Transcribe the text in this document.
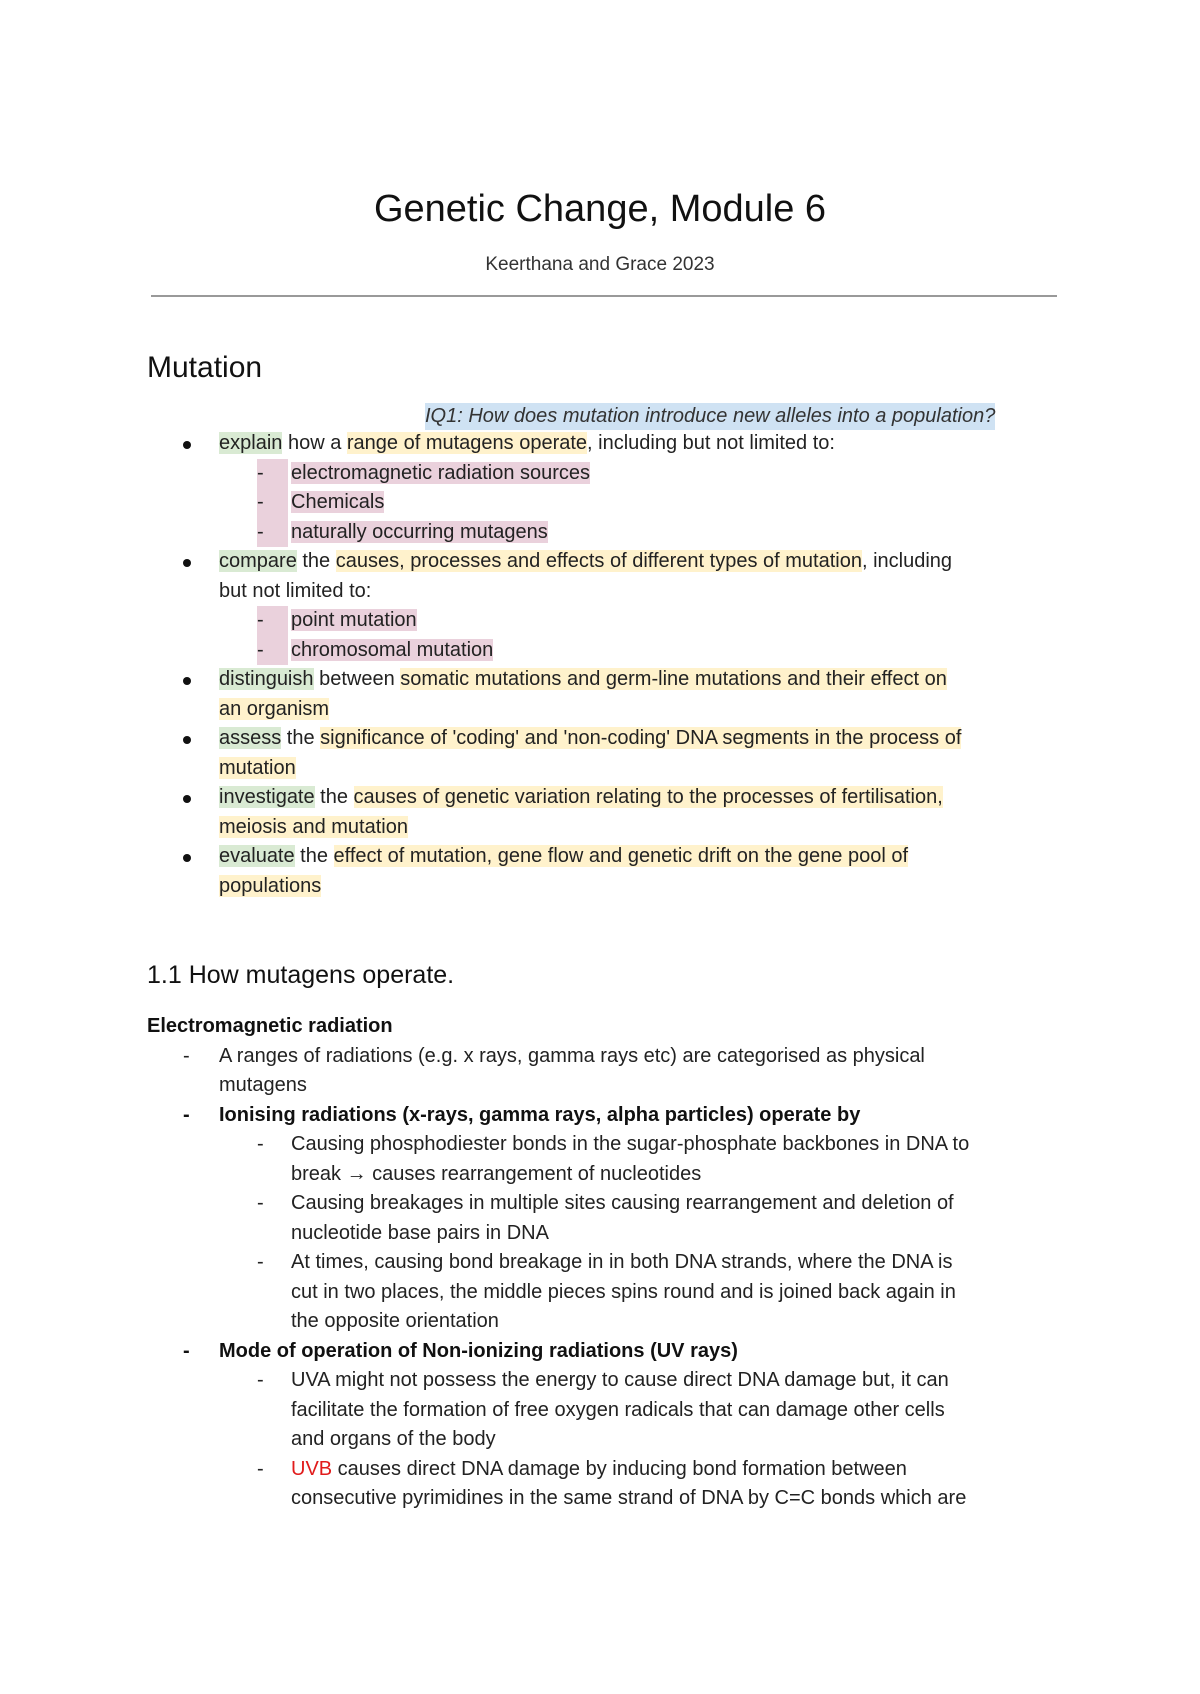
Genetic Change, Module 6
Keerthana and Grace 2023
Mutation
IQ1: How does mutation introduce new alleles into a population?
explain how a range of mutagens operate, including but not limited to:
-	electromagnetic radiation sources
-	Chemicals
-	naturally occurring mutagens
compare the causes, processes and effects of different types of mutation, including
but not limited to:
-	point mutation
-	chromosomal mutation
distinguish between somatic mutations and germ-line mutations and their effect on
an organism
assess the significance of 'coding' and 'non-coding' DNA segments in the process of
mutation
investigate the causes of genetic variation relating to the processes of fertilisation,
meiosis and mutation
evaluate the effect of mutation, gene flow and genetic drift on the gene pool of
populations
1.1 How mutagens operate.
Electromagnetic radiation
- A ranges of radiations (e.g. x rays, gamma rays etc) are categorised as physical
mutagens
- Ionising radiations (x-rays, gamma rays, alpha particles) operate by
- Causing phosphodiester bonds in the sugar-phosphate backbones in DNA to
break → causes rearrangement of nucleotides
- Causing breakages in multiple sites causing rearrangement and deletion of
nucleotide base pairs in DNA
- At times, causing bond breakage in in both DNA strands, where the DNA is
cut in two places, the middle pieces spins round and is joined back again in
the opposite orientation
- Mode of operation of Non-ionizing radiations (UV rays)
- UVA might not possess the energy to cause direct DNA damage but, it can
facilitate the formation of free oxygen radicals that can damage other cells
and organs of the body
- UVB causes direct DNA damage by inducing bond formation between
consecutive pyrimidines in the same strand of DNA by C=C bonds which are
